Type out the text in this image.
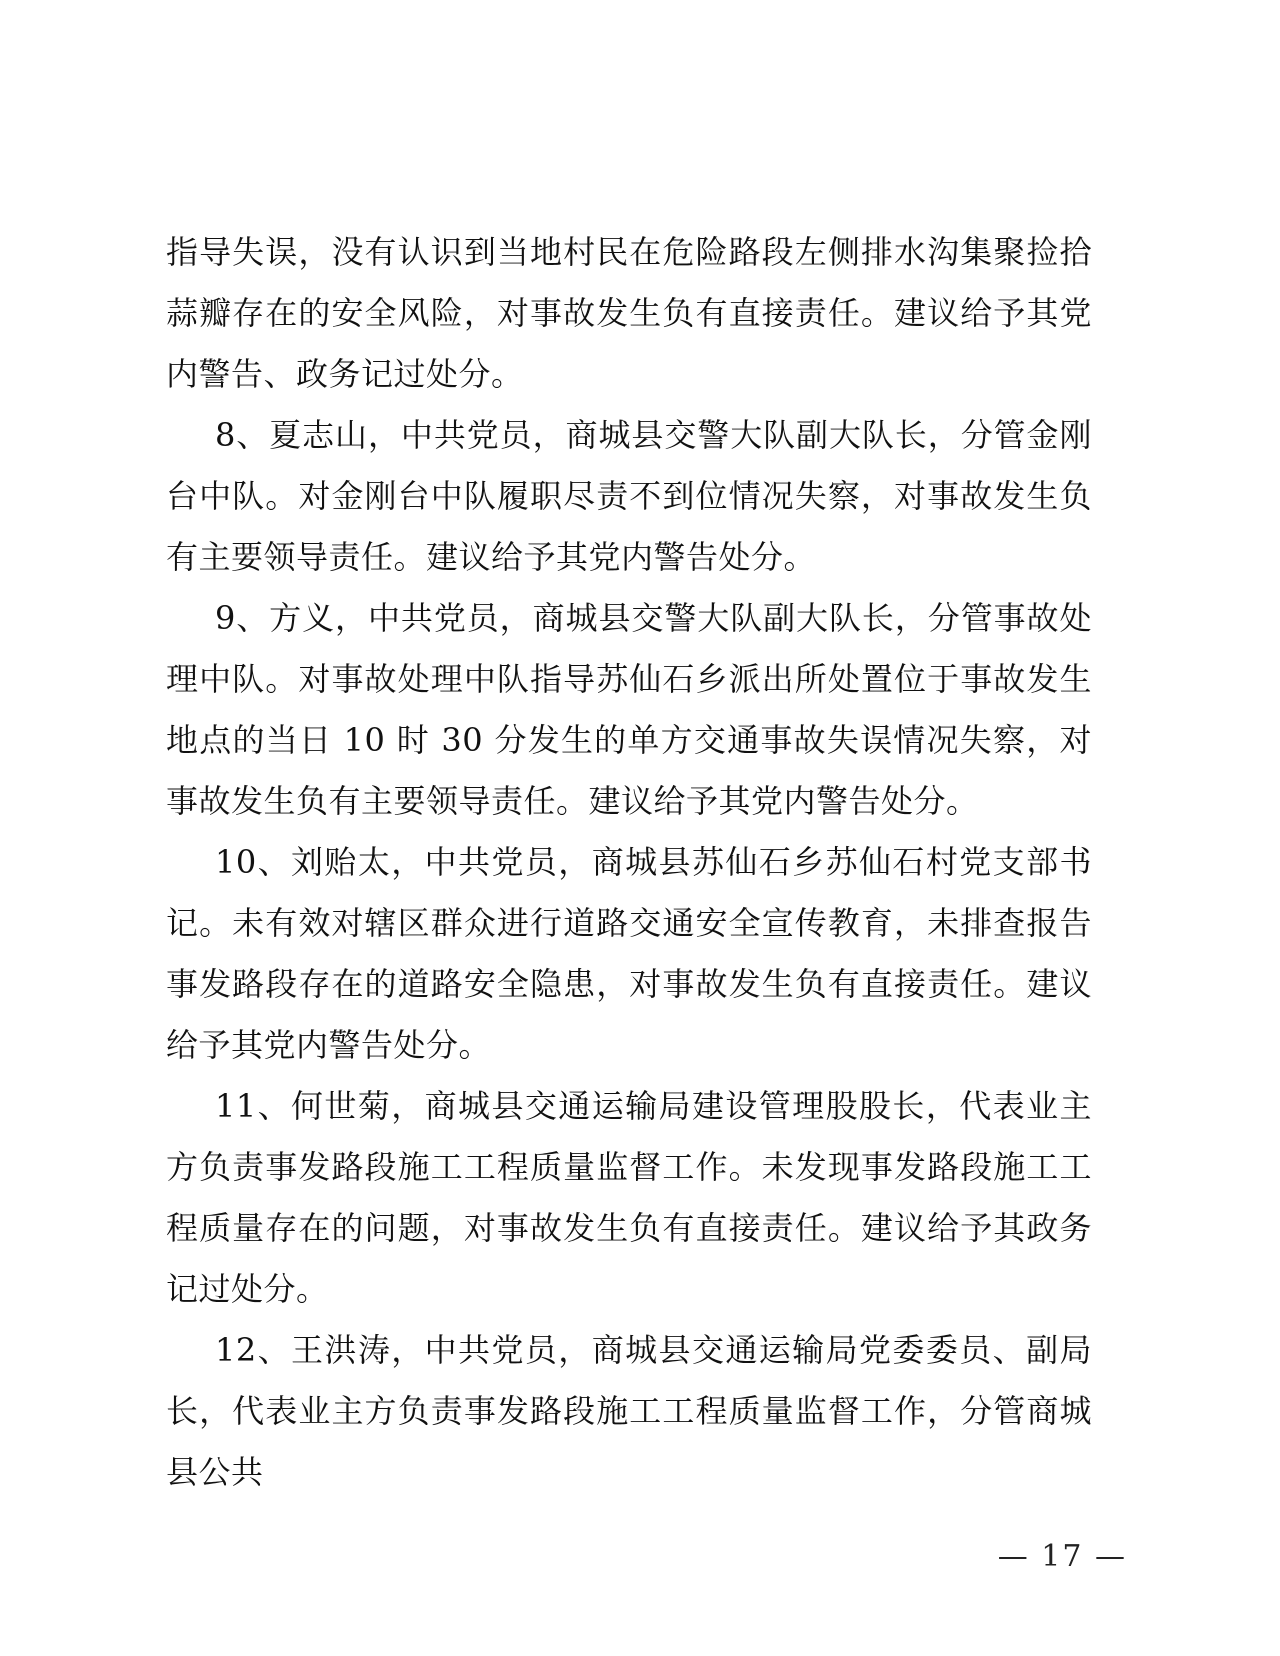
指导失误，没有认识到当地村民在危险路段左侧排水沟集聚捡拾蒜瓣存在的安全风险，对事故发生负有直接责任。建议给予其党内警告、政务记过处分。

8、夏志山，中共党员，商城县交警大队副大队长，分管金刚台中队。对金刚台中队履职尽责不到位情况失察，对事故发生负有主要领导责任。建议给予其党内警告处分。

9、方义，中共党员，商城县交警大队副大队长，分管事故处理中队。对事故处理中队指导苏仙石乡派出所处置位于事故发生地点的当日 10 时 30 分发生的单方交通事故失误情况失察，对事故发生负有主要领导责任。建议给予其党内警告处分。

10、刘贻太，中共党员，商城县苏仙石乡苏仙石村党支部书记。未有效对辖区群众进行道路交通安全宣传教育，未排查报告事发路段存在的道路安全隐患，对事故发生负有直接责任。建议给予其党内警告处分。

11、何世菊，商城县交通运输局建设管理股股长，代表业主方负责事发路段施工工程质量监督工作。未发现事发路段施工工程质量存在的问题，对事故发生负有直接责任。建议给予其政务记过处分。

12、王洪涛，中共党员，商城县交通运输局党委委员、副局长，代表业主方负责事发路段施工工程质量监督工作，分管商城县公共

— 17 —
